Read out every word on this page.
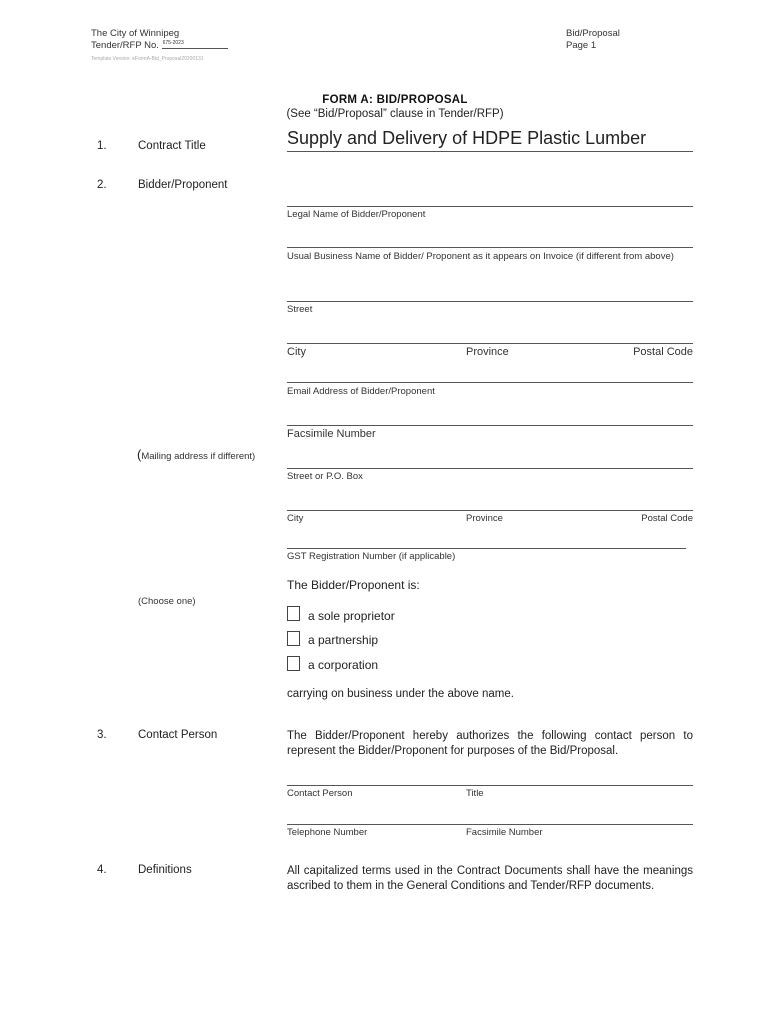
The City of Winnipeg
Tender/RFP No. $^{675-2023}$
Template Version: eFormA-Bid_Proposal20200131
Bid/Proposal
Page 1
FORM A: BID/PROPOSAL
(See “Bid/Proposal” clause in Tender/RFP)
1.	Contract Title	Supply and Delivery of HDPE Plastic Lumber
2.	Bidder/Proponent
Legal Name of Bidder/Proponent
Usual Business Name of Bidder/ Proponent as it appears on Invoice (if different from above)
Street
City	Province	Postal Code
Email Address of Bidder/Proponent
Facsimile Number
(Mailing address if different)
Street or P.O. Box
City	Province	Postal Code
GST Registration Number (if applicable)
The Bidder/Proponent is:
(Choose one)
a sole proprietor
a partnership
a corporation
carrying on business under the above name.
3.	Contact Person	The Bidder/Proponent hereby authorizes the following contact person to represent the Bidder/Proponent for purposes of the Bid/Proposal.
Contact Person	Title
Telephone Number	Facsimile Number
4.	Definitions	All capitalized terms used in the Contract Documents shall have the meanings ascribed to them in the General Conditions and Tender/RFP documents.
